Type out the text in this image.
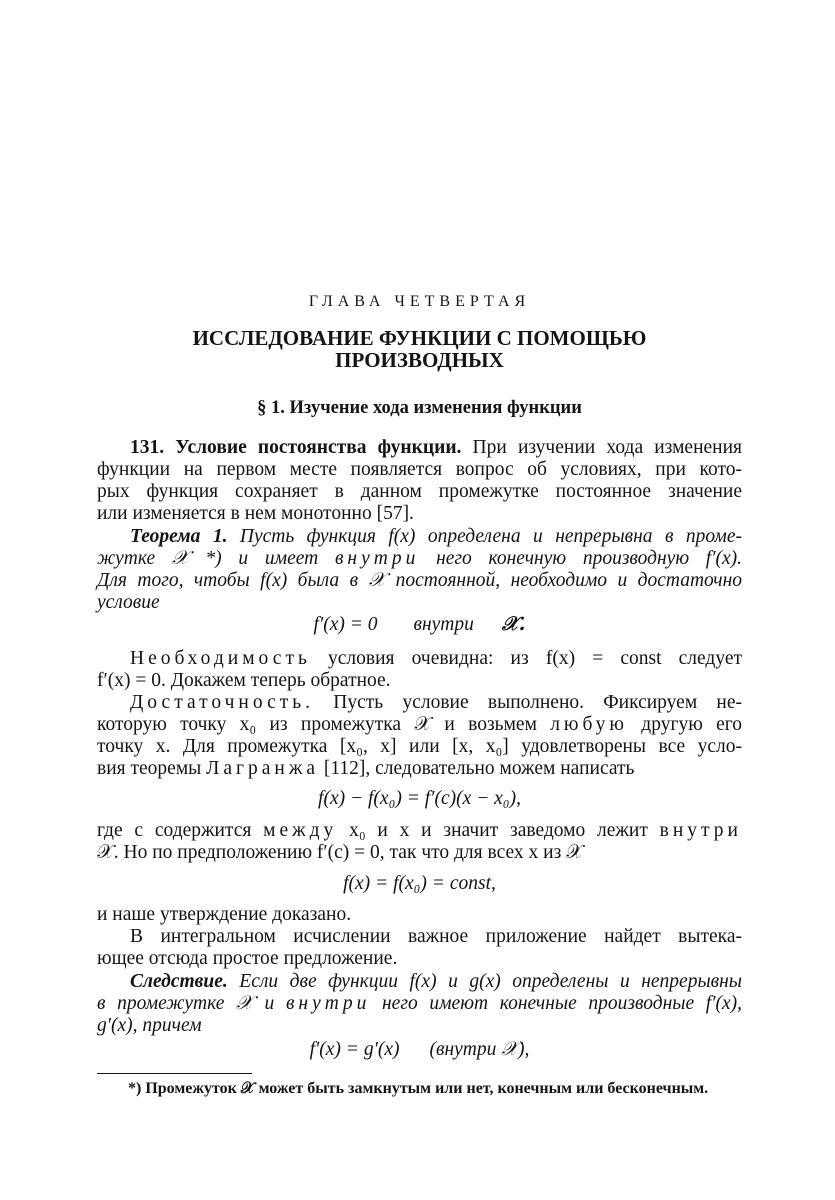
ГЛАВА ЧЕТВЕРТАЯ
ИССЛЕДОВАНИЕ ФУНКЦИИ С ПОМОЩЬЮ
ПРОИЗВОДНЫХ
§ 1. Изучение хода изменения функции
131. Условие постоянства функции. При изучении хода изменения
функции на первом месте появляется вопрос об условиях, при кото-
рых функция сохраняет в данном промежутке постоянное значение
или изменяется в нем монотонно [57].
Теорема 1. Пусть функция f(x) определена и непрерывна в проме-
жутке 𝒳 *) и имеет внутри него конечную производную f′(x).
Для того, чтобы f(x) была в 𝒳 постоянной, необходимо и достаточно
условие
f′(x) = 0 внутри 𝒳.
Необходимость условия очевидна: из f(x) = const следует
f′(x) = 0. Докажем теперь обратное.
Достаточность. Пусть условие выполнено. Фиксируем не-
которую точку x₀ из промежутка 𝒳 и возьмем любую другую его
точку x. Для промежутка [x₀, x] или [x, x₀] удовлетворены все усло-
вия теоремы Лагранжа [112], следовательно можем написать
f(x) − f(x₀) = f′(c)(x − x₀),
где c содержится между x₀ и x и значит заведомо лежит внутри
𝒳. Но по предположению f′(c) = 0, так что для всех x из 𝒳
f(x) = f(x₀) = const,
и наше утверждение доказано.
В интегральном исчислении важное приложение найдет вытека-
ющее отсюда простое предложение.
Следствие. Если две функции f(x) и g(x) определены и непрерывны
в промежутке 𝒳 и внутри него имеют конечные производные f′(x),
g′(x), причем
f′(x) = g′(x) (внутри 𝒳),
*) Промежуток 𝒳 может быть замкнутым или нет, конечным или бесконечным.
